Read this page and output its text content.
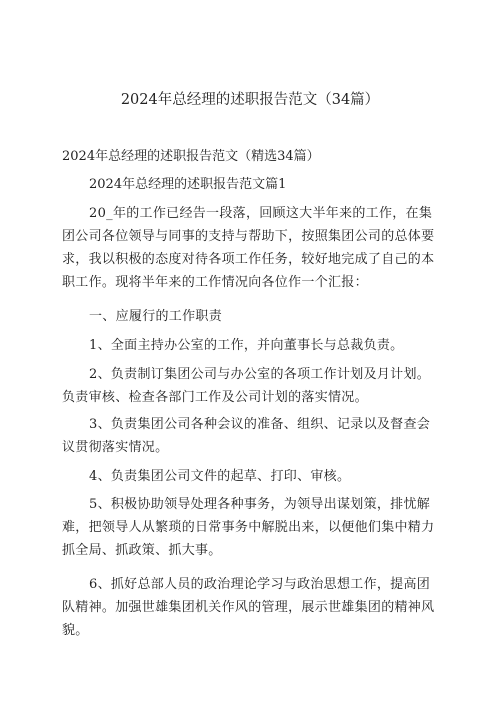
2024年总经理的述职报告范文（34篇）
2024年总经理的述职报告范文（精选34篇）
2024年总经理的述职报告范文篇1
20_年的工作已经告一段落，回顾这大半年来的工作，在集团公司各位领导与同事的支持与帮助下，按照集团公司的总体要求，我以积极的态度对待各项工作任务，较好地完成了自己的本职工作。现将半年来的工作情况向各位作一个汇报：
一、应履行的工作职责
1、全面主持办公室的工作，并向董事长与总裁负责。
2、负责制订集团公司与办公室的各项工作计划及月计划。负责审核、检查各部门工作及公司计划的落实情况。
3、负责集团公司各种会议的准备、组织、记录以及督查会议贯彻落实情况。
4、负责集团公司文件的起草、打印、审核。
5、积极协助领导处理各种事务，为领导出谋划策，排忧解难，把领导人从繁琐的日常事务中解脱出来，以便他们集中精力抓全局、抓政策、抓大事。
6、抓好总部人员的政治理论学习与政治思想工作，提高团队精神。加强世雄集团机关作风的管理，展示世雄集团的精神风貌。
